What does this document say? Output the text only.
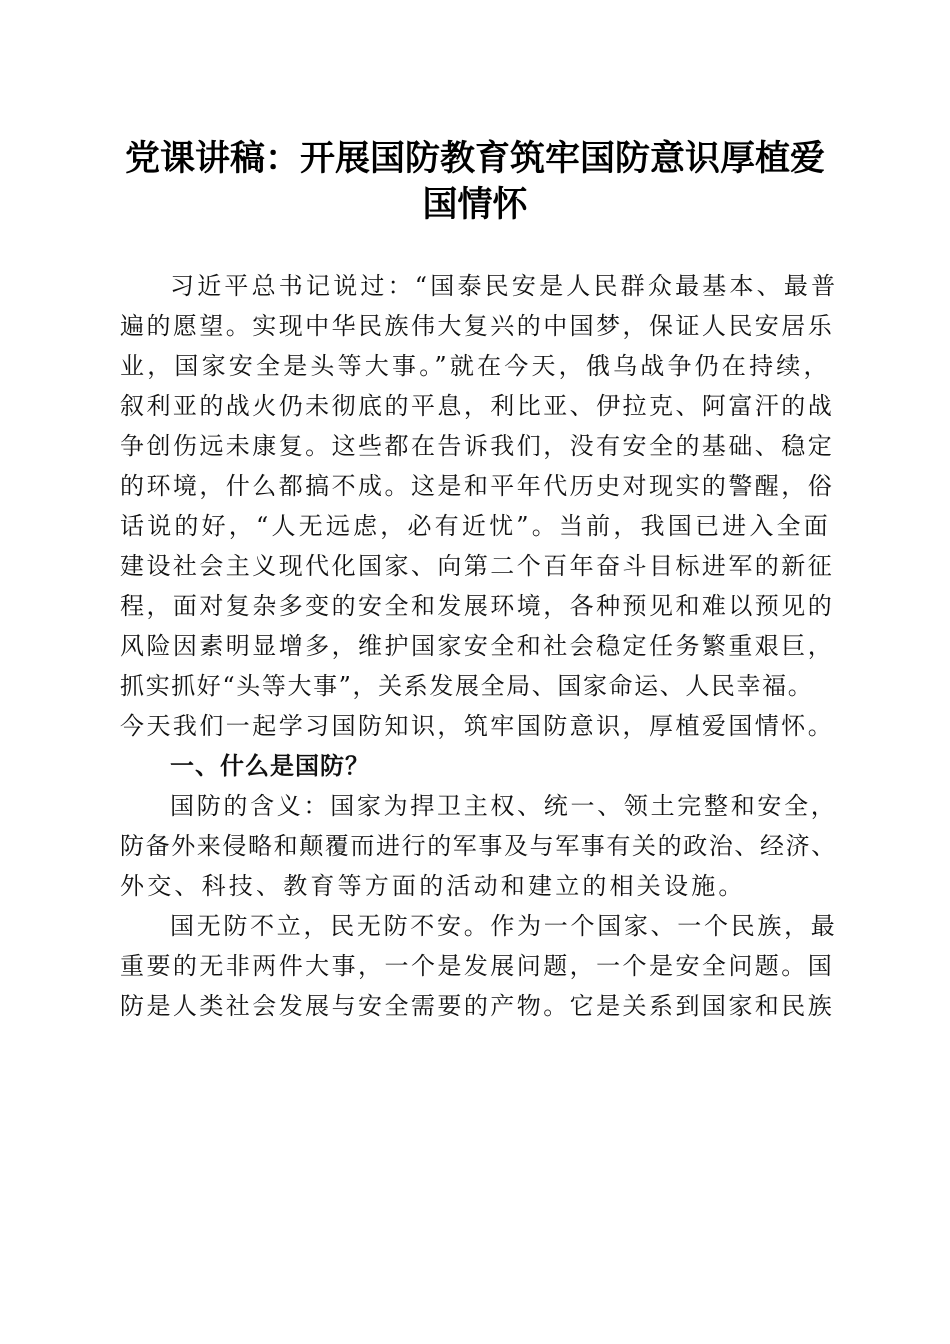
党课讲稿：开展国防教育筑牢国防意识厚植爱
国情怀
习近平总书记说过：“国泰民安是人民群众最基本、最普
遍的愿望。实现中华民族伟大复兴的中国梦，保证人民安居乐
业，国家安全是头等大事。”就在今天，俄乌战争仍在持续，
叙利亚的战火仍未彻底的平息，利比亚、伊拉克、阿富汗的战
争创伤远未康复。这些都在告诉我们，没有安全的基础、稳定
的环境，什么都搞不成。这是和平年代历史对现实的警醒，俗
话说的好，“人无远虑，必有近忧”。当前，我国已进入全面
建设社会主义现代化国家、向第二个百年奋斗目标进军的新征
程，面对复杂多变的安全和发展环境，各种预见和难以预见的
风险因素明显增多，维护国家安全和社会稳定任务繁重艰巨，
抓实抓好“头等大事”，关系发展全局、国家命运、人民幸福。
今天我们一起学习国防知识，筑牢国防意识，厚植爱国情怀。
一、什么是国防？
国防的含义：国家为捍卫主权、统一、领土完整和安全，
防备外来侵略和颠覆而进行的军事及与军事有关的政治、经济、
外交、科技、教育等方面的活动和建立的相关设施。
国无防不立，民无防不安。作为一个国家、一个民族，最
重要的无非两件大事，一个是发展问题，一个是安全问题。国
防是人类社会发展与安全需要的产物。它是关系到国家和民族
